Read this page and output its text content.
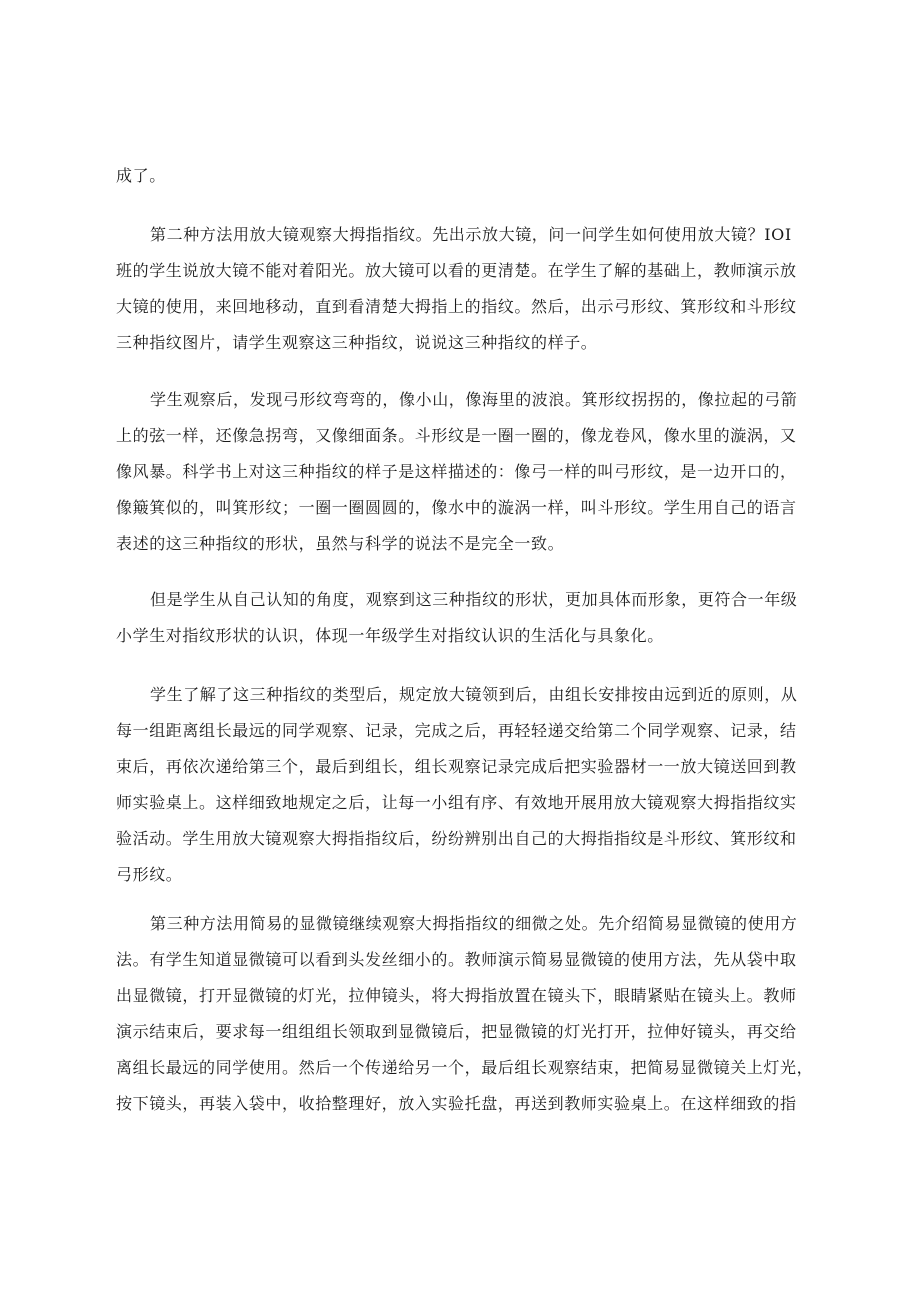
成了。

第二种方法用放大镜观察大拇指指纹。先出示放大镜，问一问学生如何使用放大镜？IOI

班的学生说放大镜不能对着阳光。放大镜可以看的更清楚。在学生了解的基础上，教师演示放

大镜的使用，来回地移动，直到看清楚大拇指上的指纹。然后，出示弓形纹、箕形纹和斗形纹

三种指纹图片，请学生观察这三种指纹，说说这三种指纹的样子。

学生观察后，发现弓形纹弯弯的，像小山，像海里的波浪。箕形纹拐拐的，像拉起的弓箭

上的弦一样，还像急拐弯，又像细面条。斗形纹是一圈一圈的，像龙卷风，像水里的漩涡，又

像风暴。科学书上对这三种指纹的样子是这样描述的：像弓一样的叫弓形纹，是一边开口的，

像簸箕似的，叫箕形纹；一圈一圈圆圆的，像水中的漩涡一样，叫斗形纹。学生用自己的语言

表述的这三种指纹的形状，虽然与科学的说法不是完全一致。

但是学生从自己认知的角度，观察到这三种指纹的形状，更加具体而形象，更符合一年级

小学生对指纹形状的认识，体现一年级学生对指纹认识的生活化与具象化。

学生了解了这三种指纹的类型后，规定放大镜领到后，由组长安排按由远到近的原则，从

每一组距离组长最远的同学观察、记录，完成之后，再轻轻递交给第二个同学观察、记录，结

束后，再依次递给第三个，最后到组长，组长观察记录完成后把实验器材一一放大镜送回到教

师实验桌上。这样细致地规定之后，让每一小组有序、有效地开展用放大镜观察大拇指指纹实

验活动。学生用放大镜观察大拇指指纹后，纷纷辨别出自己的大拇指指纹是斗形纹、箕形纹和

弓形纹。

第三种方法用简易的显微镜继续观察大拇指指纹的细微之处。先介绍简易显微镜的使用方

法。有学生知道显微镜可以看到头发丝细小的。教师演示简易显微镜的使用方法，先从袋中取

出显微镜，打开显微镜的灯光，拉伸镜头，将大拇指放置在镜头下，眼睛紧贴在镜头上。教师

演示结束后，要求每一组组组长领取到显微镜后，把显微镜的灯光打开，拉伸好镜头，再交给

离组长最远的同学使用。然后一个传递给另一个，最后组长观察结束，把简易显微镜关上灯光，

按下镜头，再装入袋中，收拾整理好，放入实验托盘，再送到教师实验桌上。在这样细致的指
